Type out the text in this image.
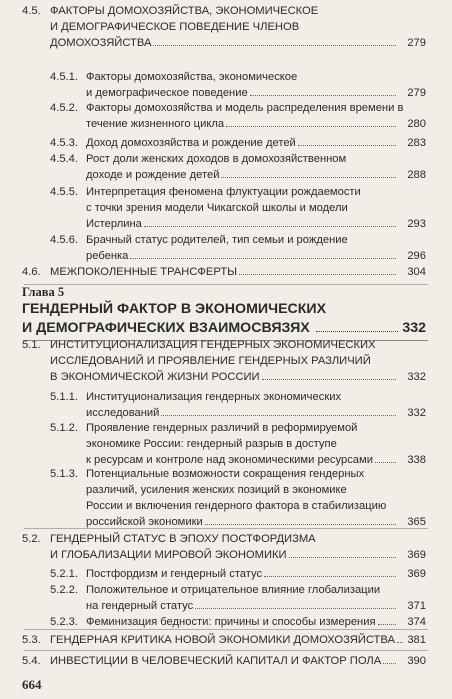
4.5. ФАКТОРЫ ДОМОХОЗЯЙСТВА, ЭКОНОМИЧЕСКОЕ
И ДЕМОГРАФИЧЕСКОЕ ПОВЕДЕНИЕ ЧЛЕНОВ
ДОМОХОЗЯЙСТВА	279
4.5.1. Факторы домохозяйства, экономическое
и демографическое поведение	279
4.5.2. Факторы домохозяйства и модель распределения времени в
течение жизненного цикла	280
4.5.3. Доход домохозяйства и рождение детей	283
4.5.4. Рост доли женских доходов в домохозяйственном
доходе и рождение детей	288
4.5.5. Интерпретация феномена флуктуации рождаемости
с точки зрения модели Чикагской школы и модели
Истерлина	293
4.5.6. Брачный статус родителей, тип семьи и рождение
ребенка	296
4.6. МЕЖПОКОЛЕННЫЕ ТРАНСФЕРТЫ	304
Глава 5
ГЕНДЕРНЫЙ ФАКТОР В ЭКОНОМИЧЕСКИХ
И ДЕМОГРАФИЧЕСКИХ ВЗАИМОСВЯЗЯХ	332
5.1. ИНСТИТУЦИОНАЛИЗАЦИЯ ГЕНДЕРНЫХ ЭКОНОМИЧЕСКИХ
ИССЛЕДОВАНИЙ И ПРОЯВЛЕНИЕ ГЕНДЕРНЫХ РАЗЛИЧИЙ
В ЭКОНОМИЧЕСКОЙ ЖИЗНИ РОССИИ	332
5.1.1. Институционализация гендерных экономических
исследований	332
5.1.2. Проявление гендерных различий в реформируемой
экономике России: гендерный разрыв в доступе
к ресурсам и контроле над экономическими ресурсами	338
5.1.3. Потенциальные возможности сокращения гендерных
различий, усиления женских позиций в экономике
России и включения гендерного фактора в стабилизацию
российской экономики	365
5.2. ГЕНДЕРНЫЙ СТАТУС В ЭПОХУ ПОСТФОРДИЗМА
И ГЛОБАЛИЗАЦИИ МИРОВОЙ ЭКОНОМИКИ	369
5.2.1. Постфордизм и гендерный статус	369
5.2.2. Положительное и отрицательное влияние глобализации
на гендерный статус	371
5.2.3. Феминизация бедности: причины и способы измерения	374
5.3. ГЕНДЕРНАЯ КРИТИКА НОВОЙ ЭКОНОМИКИ ДОМОХОЗЯЙСТВА 381
5.4. ИНВЕСТИЦИИ В ЧЕЛОВЕЧЕСКИЙ КАПИТАЛ И ФАКТОР ПОЛА 390
664
